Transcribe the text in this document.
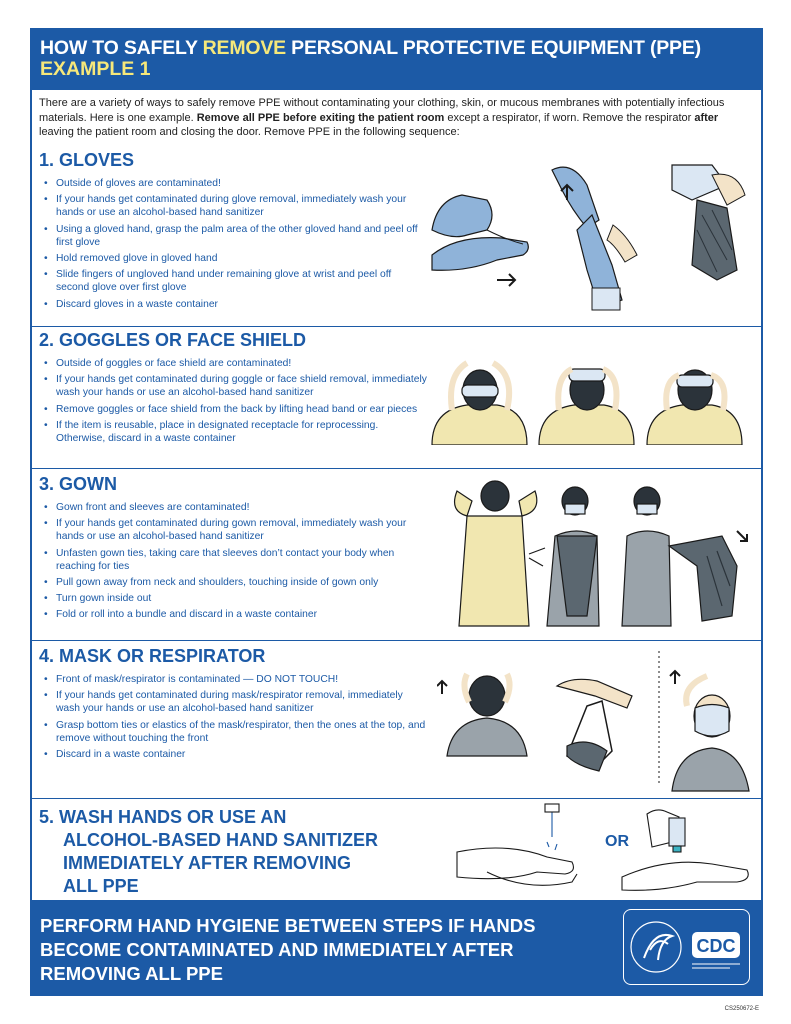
HOW TO SAFELY REMOVE PERSONAL PROTECTIVE EQUIPMENT (PPE)
EXAMPLE 1

There are a variety of ways to safely remove PPE without contaminating your clothing, skin, or mucous membranes with potentially infectious materials. Here is one example. Remove all PPE before exiting the patient room except a respirator, if worn. Remove the respirator after leaving the patient room and closing the door. Remove PPE in the following sequence:

1. GLOVES
• Outside of gloves are contaminated!
• If your hands get contaminated during glove removal, immediately wash your hands or use an alcohol-based hand sanitizer
• Using a gloved hand, grasp the palm area of the other gloved hand and peel off first glove
• Hold removed glove in gloved hand
• Slide fingers of ungloved hand under remaining glove at wrist and peel off second glove over first glove
• Discard gloves in a waste container
2. GOGGLES OR FACE SHIELD
• Outside of goggles or face shield are contaminated!
• If your hands get contaminated during goggle or face shield removal, immediately wash your hands or use an alcohol-based hand sanitizer
• Remove goggles or face shield from the back by lifting head band or ear pieces
• If the item is reusable, place in designated receptacle for reprocessing. Otherwise, discard in a waste container
3. GOWN
• Gown front and sleeves are contaminated!
• If your hands get contaminated during gown removal, immediately wash your hands or use an alcohol-based hand sanitizer
• Unfasten gown ties, taking care that sleeves don’t contact your body when reaching for ties
• Pull gown away from neck and shoulders, touching inside of gown only
• Turn gown inside out
• Fold or roll into a bundle and discard in a waste container
4. MASK OR RESPIRATOR
• Front of mask/respirator is contaminated — DO NOT TOUCH!
• If your hands get contaminated during mask/respirator removal, immediately wash your hands or use an alcohol-based hand sanitizer
• Grasp bottom ties or elastics of the mask/respirator, then the ones at the top, and remove without touching the front
• Discard in a waste container
5. WASH HANDS OR USE AN
ALCOHOL-BASED HAND SANITIZER
IMMEDIATELY AFTER REMOVING
ALL PPE
OR
PERFORM HAND HYGIENE BETWEEN STEPS IF HANDS BECOME CONTAMINATED AND IMMEDIATELY AFTER REMOVING ALL PPE
CDC
CS250672-E
